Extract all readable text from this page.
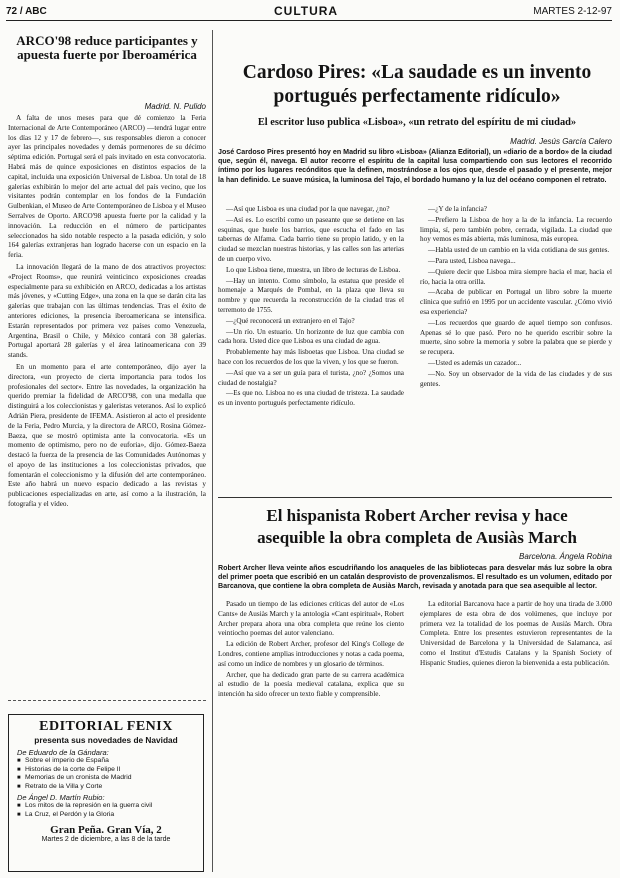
72 / ABC	CULTURA	MARTES 2-12-97
ARCO'98 reduce participantes y apuesta fuerte por Iberoamérica
Madrid. N. Pulido

A falta de unos meses para que dé comienzo la Feria Internacional de Arte Contemporáneo (ARCO) —tendrá lugar entre los días 12 y 17 de febrero—, sus responsables dieron a conocer ayer las principales novedades y demás pormenores de su décimo séptima edición. Portugal será el país invitado en esta convocatoria. Habrá más de quince exposiciones en distintos espacios de la capital, incluida una exposición Universal de Lisboa. Un total de 18 galerías exhibirán lo mejor del arte actual del país vecino, que los visitantes podrán contemplar en los fondos de la Fundación Gulbenkian, el Museo de Arte Contemporáneo de Lisboa y el Museo Serralves de Oporto. ARCO'98 apuesta fuerte por la calidad y la innovación. La reducción en el número de participantes seleccionados ha sido notable respecto a la pasada edición, y solo 164 galerías extranjeras han logrado hacerse con un espacio en la feria.

La innovación llegará de la mano de dos atractivos proyectos: «Project Rooms», que reunirá veinticinco exposiciones creadas especialmente para su exhibición en ARCO, dedicadas a los artistas más jóvenes, y «Cutting Edge», una zona en la que se darán cita las galerías que trabajan con las últimas tendencias. Tras el éxito de anteriores ediciones, la presencia iberoamericana se intensifica. Estarán representados por primera vez países como Venezuela, Argentina, Brasil o Chile, y México contará con 38 galerías. Portugal aportará 28 galerías y el área latinoamericana con 39 stands.

En un momento para el arte contemporáneo, dijo ayer la directora, «un proyecto de cierta importancia para todos los profesionales del sector». Entre las novedades, la organización ha querido premiar la fidelidad de ARCO'98, con una medalla que distinguirá a los coleccionistas y galeristas veteranos. Así lo explicó Adrián Piera, presidente de IFEMA. Asistieron al acto el presidente de la Feria, Pedro Murcia, y la directora de ARCO, Rosina Gómez-Baeza, que se mostró optimista ante la convocatoria. «Es un momento de optimismo, pero no de euforia», dijo. Gómez-Baeza destacó la fuerza de la presencia de las Comunidades Autónomas y el apoyo de las instituciones a los coleccionistas privados, que fomentarán el coleccionismo y la difusión del arte contemporáneo. Este año habrá un nuevo espacio dedicado a las revistas y publicaciones especializadas en arte, así como a la ilustración, la fotografía y el vídeo.

EDITORIAL FENIX
presenta sus novedades de Navidad
De Eduardo de la Gándara:
■ Sobre el imperio de España
■ Historias de la corte de Felipe II
■ Memorias de un cronista de Madrid
■ Retrato de la Villa y Corte
De Ángel D. Martín Rubio:
■ Los mitos de la represión en la guerra civil
■ La Cruz, el Perdón y la Gloria
Gran Peña. Gran Vía, 2
Martes 2 de diciembre, a las 8 de la tarde
Cardoso Pires: «La saudade es un invento
portugués perfectamente ridículo»
El escritor luso publica «Lisboa», «un retrato del espíritu de mi ciudad»
Madrid. Jesús García Calero
José Cardoso Pires presentó hoy en Madrid su libro «Lisboa» (Alianza Editorial), un «diario de a bordo» de la ciudad que, según él, navega. El autor recorre el espíritu de la capital lusa compartiendo con sus lectores el recorrido íntimo por los lugares recónditos que la definen, mostrándose a los ojos que, desde el pasado y el presente, mejor la han definido. Le suave música, la luminosa del Tajo, el bordado humano y la luz del océano componen el retrato.

—Así que Lisboa es una ciudad por la que navegar, ¿no?

—Así es. Lo escribí como un paseante que se detiene en las esquinas, que huele los barrios, que escucha el fado en las tabernas de Alfama. Cada barrio tiene su propio latido, y en la ciudad se mezclan nuestras historias, y las calles son las arterias de un cuerpo vivo.

Lo que Lisboa tiene, muestra, un libro de lecturas de Lisboa.

—Hay un intento. Como símbolo, la estatua que preside el homenaje a Marqués de Pombal, en la plaza que lleva su nombre y que recuerda la reconstrucción de la ciudad tras el terremoto de 1755.

—¿Qué reconocerá un extranjero en el Tajo?

—Un río. Un estuario. Un horizonte de luz que cambia con cada hora. Usted dice que Lisboa es una ciudad de agua.

Probablemente hay más lisboetas que Lisboa. Una ciudad se hace con los recuerdos de los que la viven, y los que se fueron.

—Así que va a ser un guía para el turista, ¿no? ¿Somos una ciudad de nostalgia?

—Es que no. Lisboa no es una ciudad de tristeza. La saudade es un invento portugués perfectamente ridículo.

—¿Y de la infancia?

—Prefiero la Lisboa de hoy a la de la infancia. La recuerdo limpia, sí, pero también pobre, cerrada, vigilada. La ciudad que hoy vemos es más abierta, más luminosa, más europea.

—Habla usted de un cambio en la vida cotidiana de sus gentes.

—Para usted, Lisboa navega...

—Quiere decir que Lisboa mira siempre hacia el mar, hacia el río, hacia la otra orilla.

—Acaba de publicar en Portugal un libro sobre la muerte clínica que sufrió en 1995 por un accidente vascular. ¿Cómo vivió esa experiencia?

—Los recuerdos que guardo de aquel tiempo son confusos. Apenas sé lo que pasó. Pero no he querido escribir sobre la muerte, sino sobre la memoria y sobre la palabra que se pierde y se recupera.

—Usted es además un cazador...

—No. Soy un observador de la vida de las ciudades y de sus gentes.

El hispanista Robert Archer revisa y hace
asequible la obra completa de Ausiàs March
Barcelona. Ángela Robina
Robert Archer lleva veinte años escudriñando los anaqueles de las bibliotecas para desvelar más luz sobre la obra del primer poeta que escribió en un catalán desprovisto de provenzalismos. El resultado es un volumen, editado por Barcanova, que contiene la obra completa de Ausiàs March, revisada y anotada para que sea asequible al lector.

Pasado un tiempo de las ediciones críticas del autor de «Los Cants» de Ausiàs March y la antología «Cant espiritual», Robert Archer prepara ahora una obra completa que reúne los ciento veintiocho poemas del autor valenciano.

La edición de Robert Archer, profesor del King's College de Londres, contiene amplias introducciones y notas a cada poema, así como un índice de nombres y un glosario de términos.

Archer, que ha dedicado gran parte de su carrera académica al estudio de la poesía medieval catalana, explica que su intención ha sido ofrecer un texto fiable y comprensible.

La editorial Barcanova hace a partir de hoy una tirada de 3.000 ejemplares de esta obra de dos volúmenes, que incluye por primera vez la totalidad de los poemas de Ausiàs March. Obra Completa. Entre los presentes estuvieron representantes de la Universidad de Barcelona y la Universidad de Salamanca, así como el Institut d'Estudis Catalans y la Spanish Society of Hispanic Studies, quienes dieron la bienvenida a esta publicación.
